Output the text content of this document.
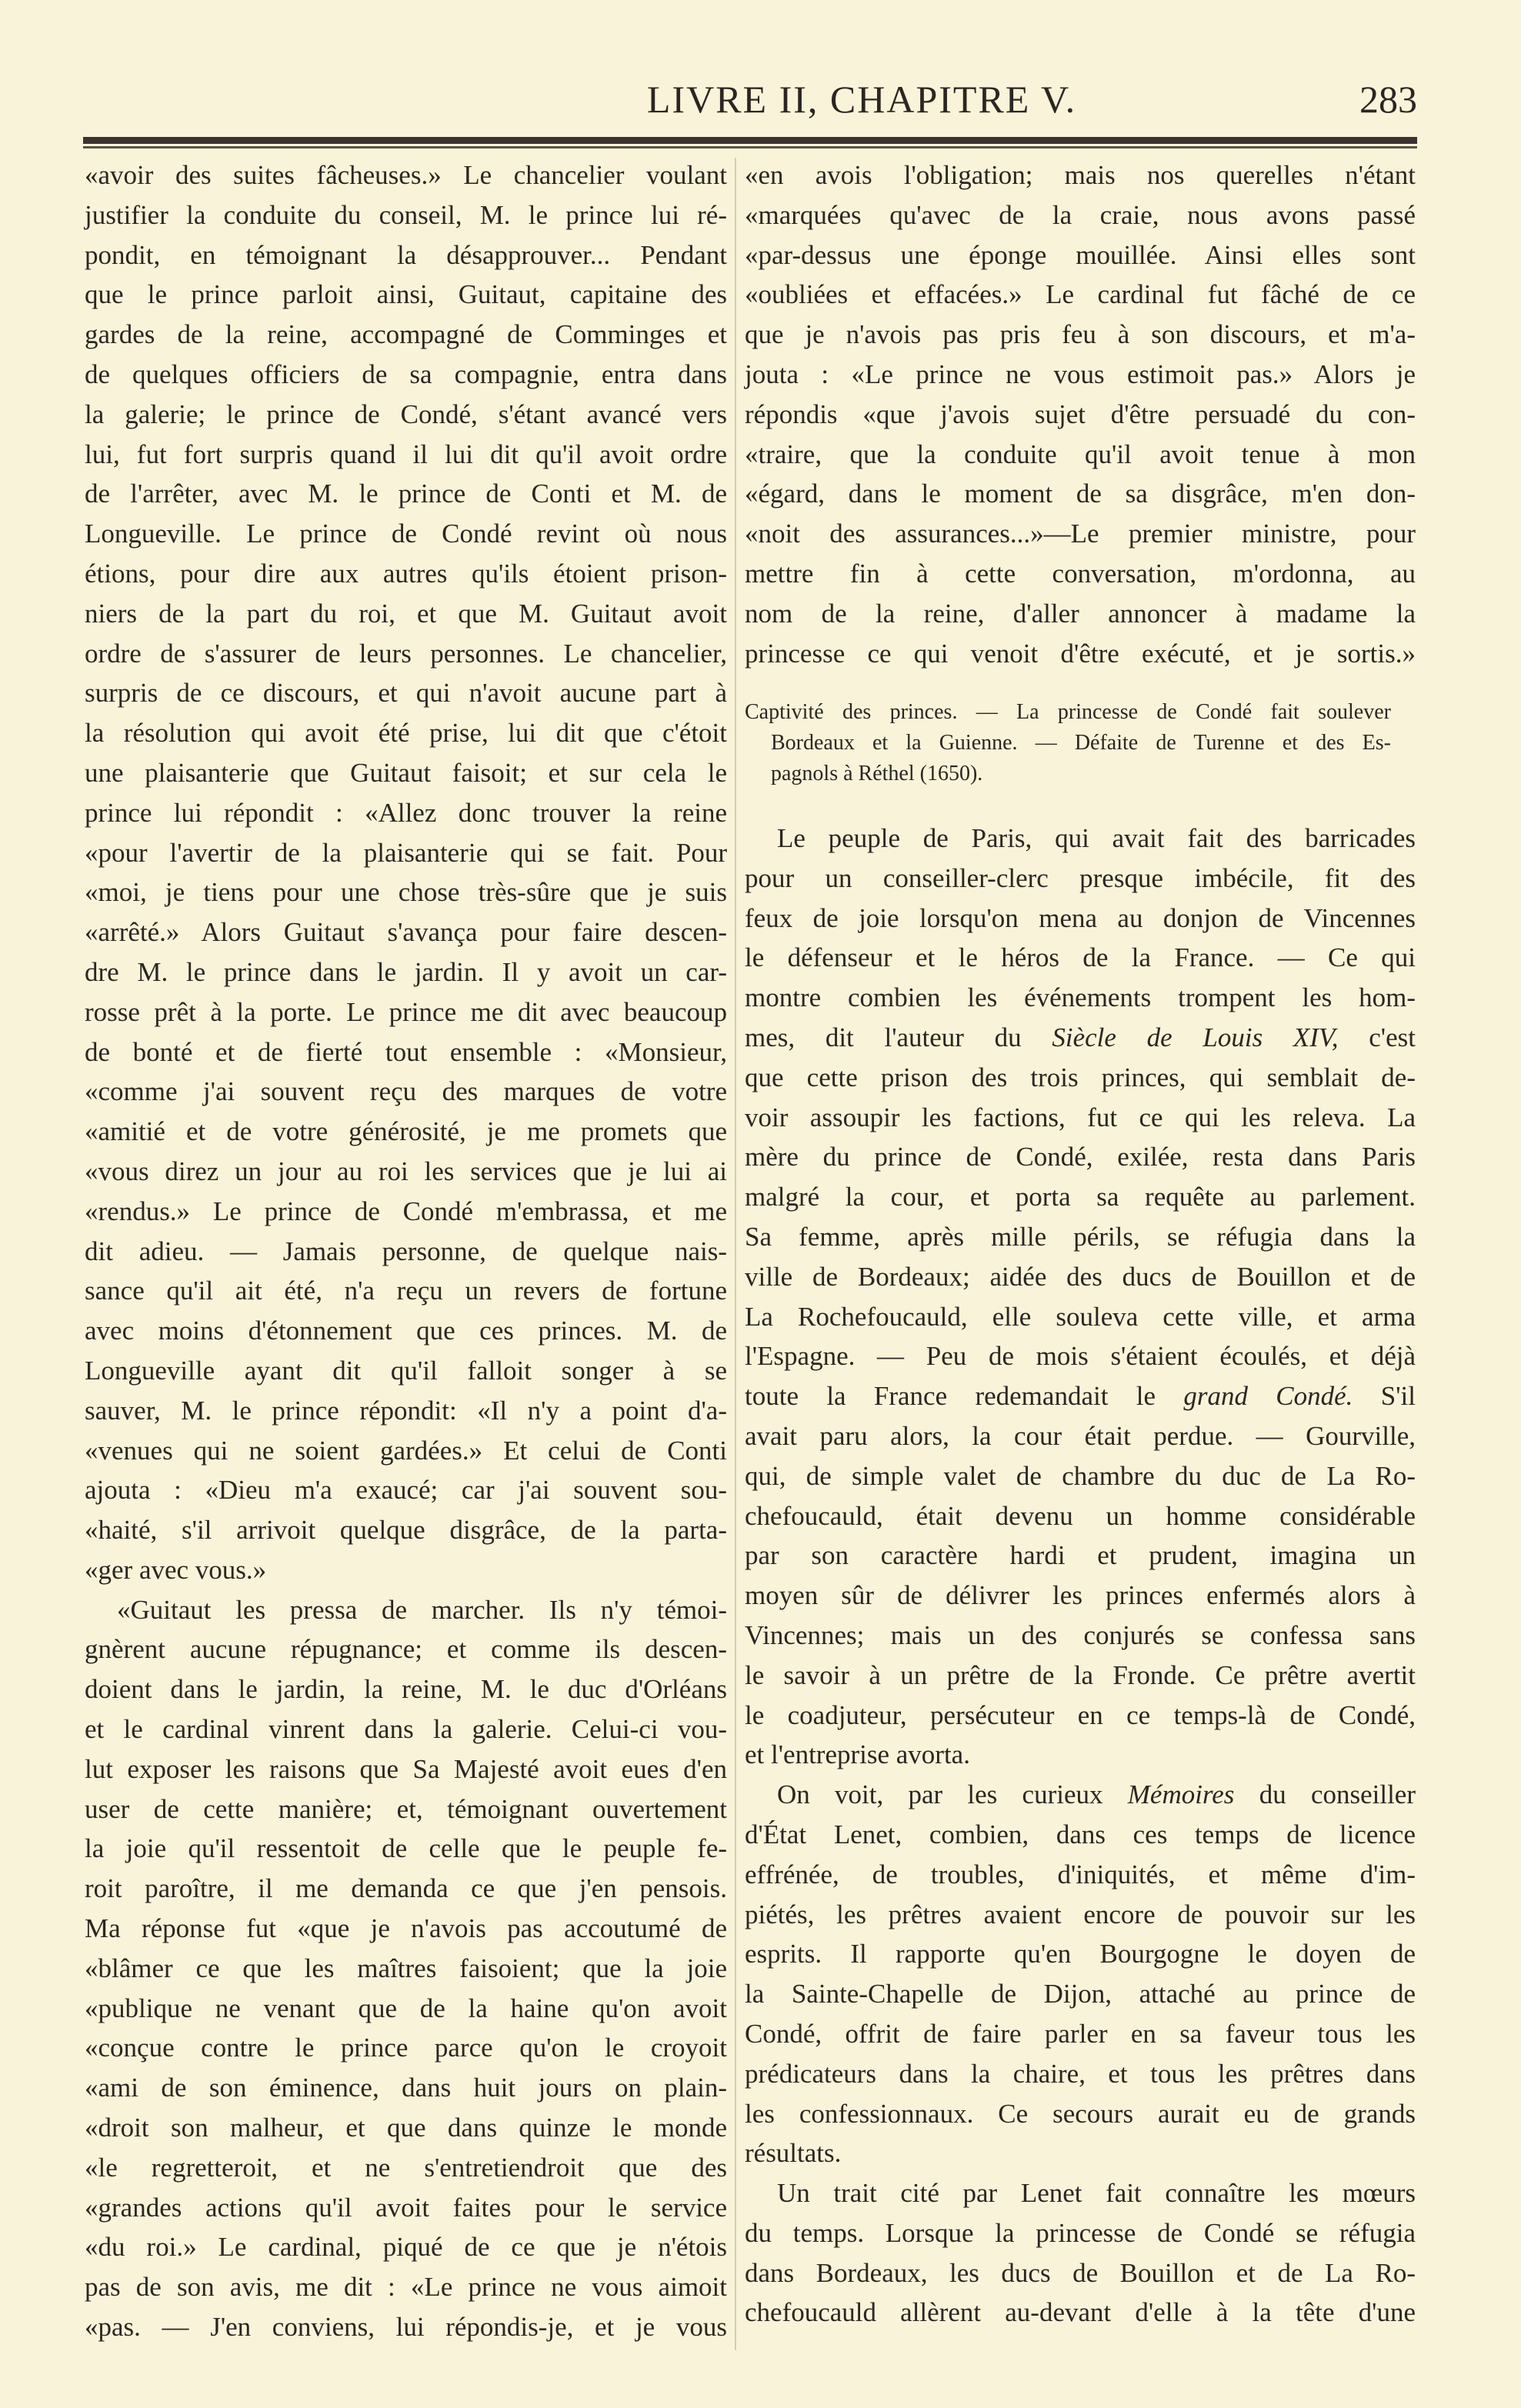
LIVRE II, CHAPITRE V.	283
«avoir des suites fâcheuses.» Le chancelier voulant
justifier la conduite du conseil, M. le prince lui ré-
pondit, en témoignant la désapprouver... Pendant
que le prince parloit ainsi, Guitaut, capitaine des
gardes de la reine, accompagné de Comminges et
de quelques officiers de sa compagnie, entra dans
la galerie; le prince de Condé, s'étant avancé vers
lui, fut fort surpris quand il lui dit qu'il avoit ordre
de l'arrêter, avec M. le prince de Conti et M. de
Longueville. Le prince de Condé revint où nous
étions, pour dire aux autres qu'ils étoient prison-
niers de la part du roi, et que M. Guitaut avoit
ordre de s'assurer de leurs personnes. Le chancelier,
surpris de ce discours, et qui n'avoit aucune part à
la résolution qui avoit été prise, lui dit que c'étoit
une plaisanterie que Guitaut faisoit; et sur cela le
prince lui répondit : «Allez donc trouver la reine
«pour l'avertir de la plaisanterie qui se fait. Pour
«moi, je tiens pour une chose très-sûre que je suis
«arrêté.» Alors Guitaut s'avança pour faire descen-
dre M. le prince dans le jardin. Il y avoit un car-
rosse prêt à la porte. Le prince me dit avec beaucoup
de bonté et de fierté tout ensemble : «Monsieur,
«comme j'ai souvent reçu des marques de votre
«amitié et de votre générosité, je me promets que
«vous direz un jour au roi les services que je lui ai
«rendus.» Le prince de Condé m'embrassa, et me
dit adieu. — Jamais personne, de quelque nais-
sance qu'il ait été, n'a reçu un revers de fortune
avec moins d'étonnement que ces princes. M. de
Longueville ayant dit qu'il falloit songer à se
sauver, M. le prince répondit: «Il n'y a point d'a-
«venues qui ne soient gardées.» Et celui de Conti
ajouta : «Dieu m'a exaucé; car j'ai souvent sou-
«haité, s'il arrivoit quelque disgrâce, de la parta-
«ger avec vous.»
«Guitaut les pressa de marcher. Ils n'y témoi-
gnèrent aucune répugnance; et comme ils descen-
doient dans le jardin, la reine, M. le duc d'Orléans
et le cardinal vinrent dans la galerie. Celui-ci vou-
lut exposer les raisons que Sa Majesté avoit eues d'en
user de cette manière; et, témoignant ouvertement
la joie qu'il ressentoit de celle que le peuple fe-
roit paroître, il me demanda ce que j'en pensois.
Ma réponse fut «que je n'avois pas accoutumé de
«blâmer ce que les maîtres faisoient; que la joie
«publique ne venant que de la haine qu'on avoit
«conçue contre le prince parce qu'on le croyoit
«ami de son éminence, dans huit jours on plain-
«droit son malheur, et que dans quinze le monde
«le regretteroit, et ne s'entretiendroit que des
«grandes actions qu'il avoit faites pour le service
«du roi.» Le cardinal, piqué de ce que je n'étois
pas de son avis, me dit : «Le prince ne vous aimoit
«pas. — J'en conviens, lui répondis-je, et je vous
«en avois l'obligation; mais nos querelles n'étant
«marquées qu'avec de la craie, nous avons passé
«par-dessus une éponge mouillée. Ainsi elles sont
«oubliées et effacées.» Le cardinal fut fâché de ce
que je n'avois pas pris feu à son discours, et m'a-
jouta : «Le prince ne vous estimoit pas.» Alors je
répondis «que j'avois sujet d'être persuadé du con-
«traire, que la conduite qu'il avoit tenue à mon
«égard, dans le moment de sa disgrâce, m'en don-
«noit des assurances...»—Le premier ministre, pour
mettre fin à cette conversation, m'ordonna, au
nom de la reine, d'aller annoncer à madame la
princesse ce qui venoit d'être exécuté, et je sortis.»
Captivité des princes. — La princesse de Condé fait soulever
Bordeaux et la Guienne. — Défaite de Turenne et des Es-
pagnols à Réthel (1650).
Le peuple de Paris, qui avait fait des barricades
pour un conseiller-clerc presque imbécile, fit des
feux de joie lorsqu'on mena au donjon de Vincennes
le défenseur et le héros de la France. — Ce qui
montre combien les événements trompent les hom-
mes, dit l'auteur du Siècle de Louis XIV, c'est
que cette prison des trois princes, qui semblait de-
voir assoupir les factions, fut ce qui les releva. La
mère du prince de Condé, exilée, resta dans Paris
malgré la cour, et porta sa requête au parlement.
Sa femme, après mille périls, se réfugia dans la
ville de Bordeaux; aidée des ducs de Bouillon et de
La Rochefoucauld, elle souleva cette ville, et arma
l'Espagne. — Peu de mois s'étaient écoulés, et déjà
toute la France redemandait le grand Condé. S'il
avait paru alors, la cour était perdue. — Gourville,
qui, de simple valet de chambre du duc de La Ro-
chefoucauld, était devenu un homme considérable
par son caractère hardi et prudent, imagina un
moyen sûr de délivrer les princes enfermés alors à
Vincennes; mais un des conjurés se confessa sans
le savoir à un prêtre de la Fronde. Ce prêtre avertit
le coadjuteur, persécuteur en ce temps-là de Condé,
et l'entreprise avorta.
On voit, par les curieux Mémoires du conseiller
d'État Lenet, combien, dans ces temps de licence
effrénée, de troubles, d'iniquités, et même d'im-
piétés, les prêtres avaient encore de pouvoir sur les
esprits. Il rapporte qu'en Bourgogne le doyen de
la Sainte-Chapelle de Dijon, attaché au prince de
Condé, offrit de faire parler en sa faveur tous les
prédicateurs dans la chaire, et tous les prêtres dans
les confessionnaux. Ce secours aurait eu de grands
résultats.
Un trait cité par Lenet fait connaître les mœurs
du temps. Lorsque la princesse de Condé se réfugia
dans Bordeaux, les ducs de Bouillon et de La Ro-
chefoucauld allèrent au-devant d'elle à la tête d'une
